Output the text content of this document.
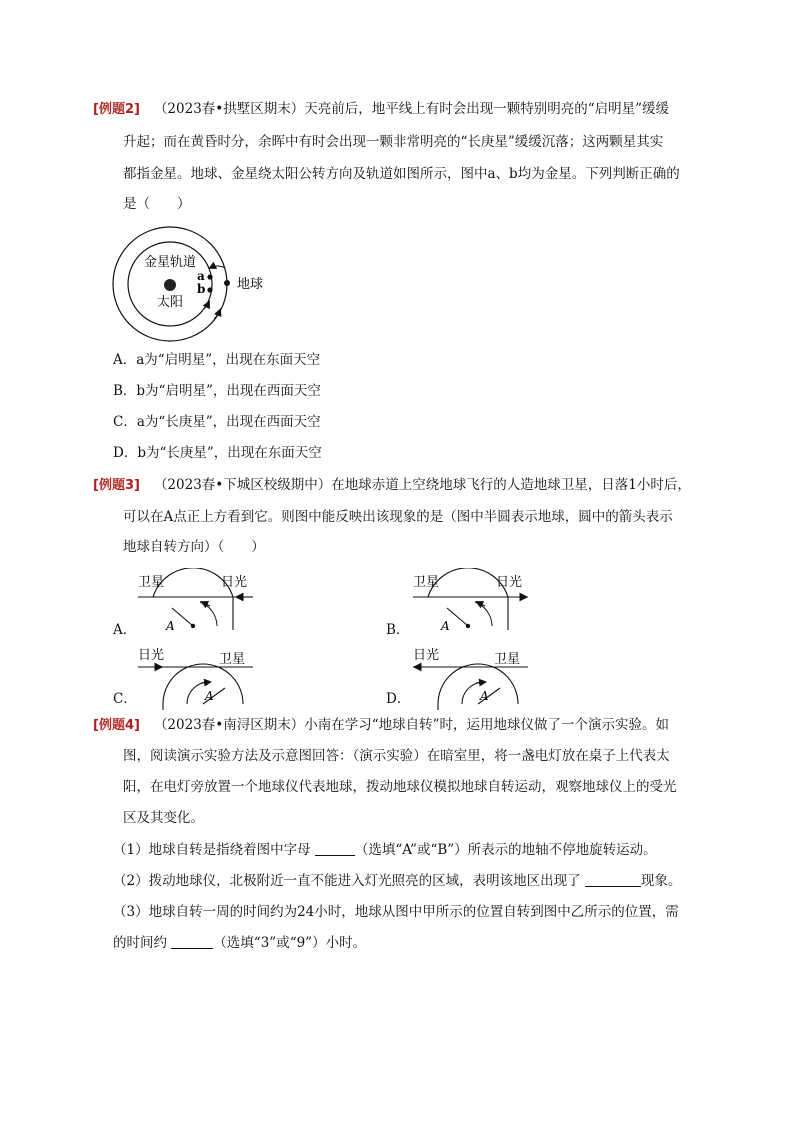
[例题2] （2023春•拱墅区期末）天亮前后，地平线上有时会出现一颗特别明亮的“启明星”缓缓
升起；而在黄昏时分，余晖中有时会出现一颗非常明亮的“长庚星”缓缓沉落；这两颗星其实
都指金星。地球、金星绕太阳公转方向及轨道如图所示，图中a、b均为金星。下列判断正确的
是（　　）
金星轨道
太阳
a
b 地球
A．a为“启明星”，出现在东面天空
B．b为“启明星”，出现在西面天空
C．a为“长庚星”，出现在西面天空
D．b为“长庚星”，出现在东面天空
[例题3] （2023春•下城区校级期中）在地球赤道上空绕地球飞行的人造地球卫星，日落1小时后，
可以在A点正上方看到它。则图中能反映出该现象的是（图中半圆表示地球，圆中的箭头表示
地球自转方向）（　　）
A．
卫星	日光
A	B．
卫星	日光
A
C．
日光	卫星
A	D．
日光	卫星
A
[例题4] （2023春•南浔区期末）小南在学习“地球自转”时，运用地球仪做了一个演示实验。如
图，阅读演示实验方法及示意图回答：（演示实验）在暗室里，将一盏电灯放在桌子上代表太
阳，在电灯旁放置一个地球仪代表地球，拨动地球仪模拟地球自转运动，观察地球仪上的受光
区及其变化。
（1）地球自转是指绕着图中字母	（选填“A”或“B”）所表示的地轴不停地旋转运动。
（2）拨动地球仪，北极附近一直不能进入灯光照亮的区域，表明该地区出现了	现象。
（3）地球自转一周的时间约为24小时，地球从图中甲所示的位置自转到图中乙所示的位置，需
的时间约	（选填“3”或“9”）小时。
